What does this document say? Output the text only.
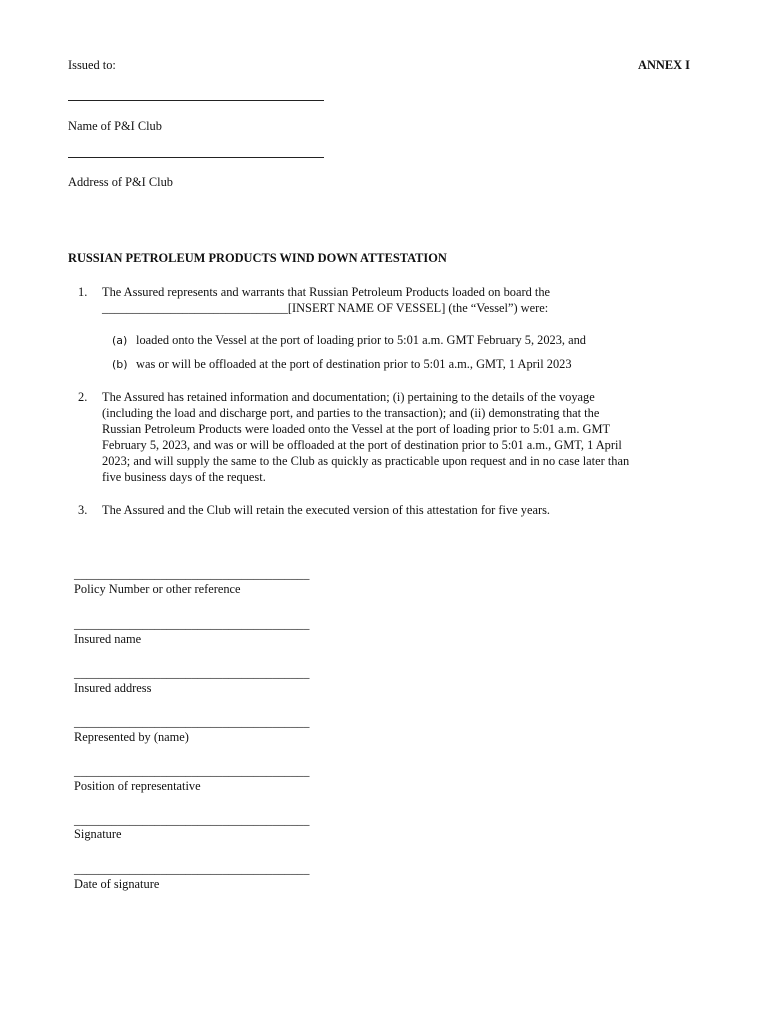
Issued to:	ANNEX I
Name of P&I Club
Address of P&I Club
RUSSIAN PETROLEUM PRODUCTS WIND DOWN ATTESTATION
1. The Assured represents and warrants that Russian Petroleum Products loaded on board the
______________________________[INSERT NAME OF VESSEL] (the “Vessel”) were:
(a) loaded onto the Vessel at the port of loading prior to 5:01 a.m. GMT February 5, 2023, and
(b) was or will be offloaded at the port of destination prior to 5:01 a.m., GMT, 1 April 2023
2. The Assured has retained information and documentation; (i) pertaining to the details of the voyage
(including the load and discharge port, and parties to the transaction); and (ii) demonstrating that the
Russian Petroleum Products were loaded onto the Vessel at the port of loading prior to 5:01 a.m. GMT
February 5, 2023, and was or will be offloaded at the port of destination prior to 5:01 a.m., GMT, 1 April
2023; and will supply the same to the Club as quickly as practicable upon request and in no case later than
five business days of the request.
3. The Assured and the Club will retain the executed version of this attestation for five years.
______________________________________
Policy Number or other reference
______________________________________
Insured name
______________________________________
Insured address
______________________________________
Represented by (name)
______________________________________
Position of representative
______________________________________
Signature
______________________________________
Date of signature
